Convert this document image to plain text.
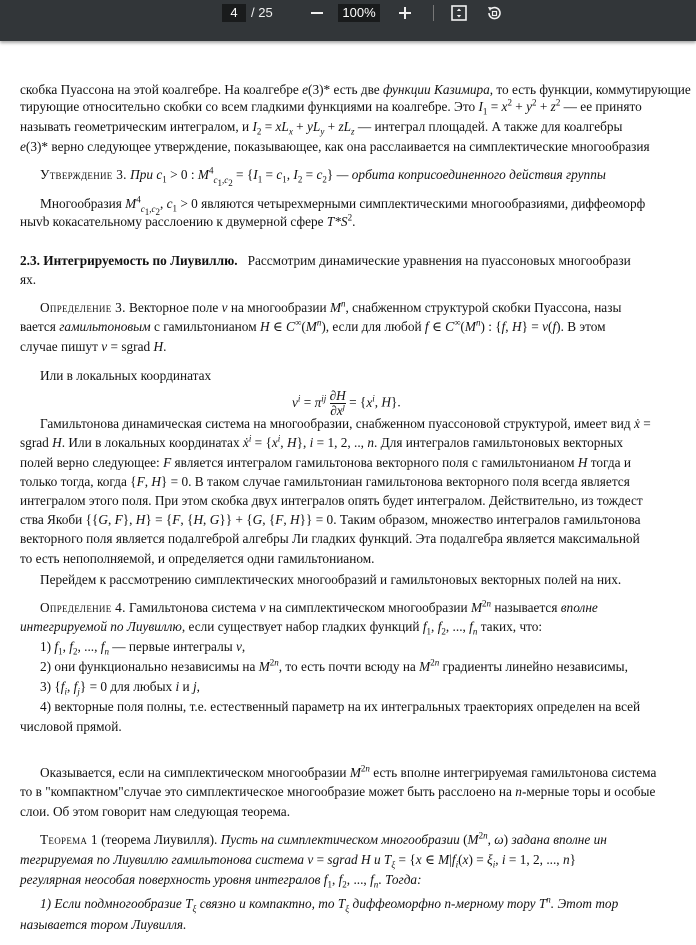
4	/ 25	100%
скобка Пуассона на этой коалгебре. На коалгебре e(3)* есть две функции Казимира, то есть функции, коммутирующие
тирующие относительно скобки со всем гладкими функциями на коалгебре. Это $I_1 = x^2 + y^2 + z^2$ — ее принято
называть геометрическим интегралом, и $I_2 = xL_x + yL_y + zL_z$ — интеграл площадей. А также для коалгебры
e(3)* верно следующее утверждение, показывающее, как она расслаивается на симплектические многообразия
Утверждение 3. При $c_1 > 0$ : $M^4_{c_1,c_2} = \{I_1 = c_1$, $I_2 = c_2$} — орбита коприсоединенного действия группы
Многообразия $M^4_{c_1,c_2}$, $c_1 > 0$ являются четырехмерными симплектическими многообразиями, диффеоморф
ныvb кокасательному расслоению к двумерной сфере $T*S^2$.
2.3. Интегрируемость по Лиувиллю.   Рассмотрим динамические уравнения на пуассоновых многообрази
ях.
Определение 3. Векторное поле v на многообразии $M^n$, снабженном структурой скобки Пуассона, назы
вается гамильтоновым с гамильтонианом H ∈ $C^\infty(M^n)$, если для любой f ∈ $C^\infty(M^n)$ : {f, H} = v(f). В этом
случае пишут v = sgrad H.
Или в локальных координатах
$v^i = \pi^{ij} \frac{\partial H}{\partial x^j} = \{x^i$, H}.
Гамильтонова динамическая система на многообразии, снабженном пуассоновой структурой, имеет вид ẋ =
sgrad H. Или в локальных координатах ẋ$^i$ = {$x^i$, H}, i = 1, 2, .., n. Для интегралов гамильтоновых векторных
полей верно следующее: F является интегралом гамильтонова векторного поля с гамильтонианом H тогда и
только тогда, когда {F, H} = 0. В таком случае гамильтониан гамильтонова векторного поля всегда является
интегралом этого поля. При этом скобка двух интегралов опять будет интегралом. Действительно, из тождест
ства Якоби {{G, F}, H} = {F, {H, G}} + {G, {F, H}} = 0. Таким образом, множество интегралов гамильтонова
векторного поля является подалгеброй алгебры Ли гладких функций. Эта подалгебра является максимальной
то есть непополняемой, и определяется одни гамильтонианом.
Перейдем к рассмотрению симплектических многообразий и гамильтоновых векторных полей на них.
Определение 4. Гамильтонова система v на симплектическом многообразии $M^{2n}$ называется вполне
интегрируемой по Лиувиллю, если существует набор гладких функций $f_1$, $f_2$, ..., $f_n$ таких, что:
1) $f_1$, $f_2$, ..., $f_n$ — первые интегралы v,
2) они функционально независимы на $M^{2n}$, то есть почти всюду на $M^{2n}$ градиенты линейно независимы,
3) {$f_i$, $f_j\} = 0$ для любых i и j,
4) векторные поля полны, т.е. естественный параметр на их интегральных траекториях определен на всей
числовой прямой.
Оказывается, если на симплектическом многообразии $M^{2n}$ есть вполне интегрируемая гамильтонова система
то в "компактном"случае это симплектическое многообразие может быть расслоено на n-мерные торы и особые
слои. Об этом говорит нам следующая теорема.
Теорема 1 (теорема Лиувилля). Пусть на симплектическом многообразии ($M^{2n}$, ω) задана вполне ин
тегрируемая по Лиувиллю гамильтонова система v = sgrad H и $T_\xi = \{x$ ∈ $M|f_i(x) = \xi_i$, i = 1, 2, ..., n}
регулярная неособая поверхность уровня интегралов $f_1$, $f_2$, ..., $f_n$. Тогда:
1) Если подмногообразие $T_\xi$ связно и компактно, то $T_\xi$ диффеоморфно n-мерному тору $T^n$. Этот тор
называется тором Лиувилля.
